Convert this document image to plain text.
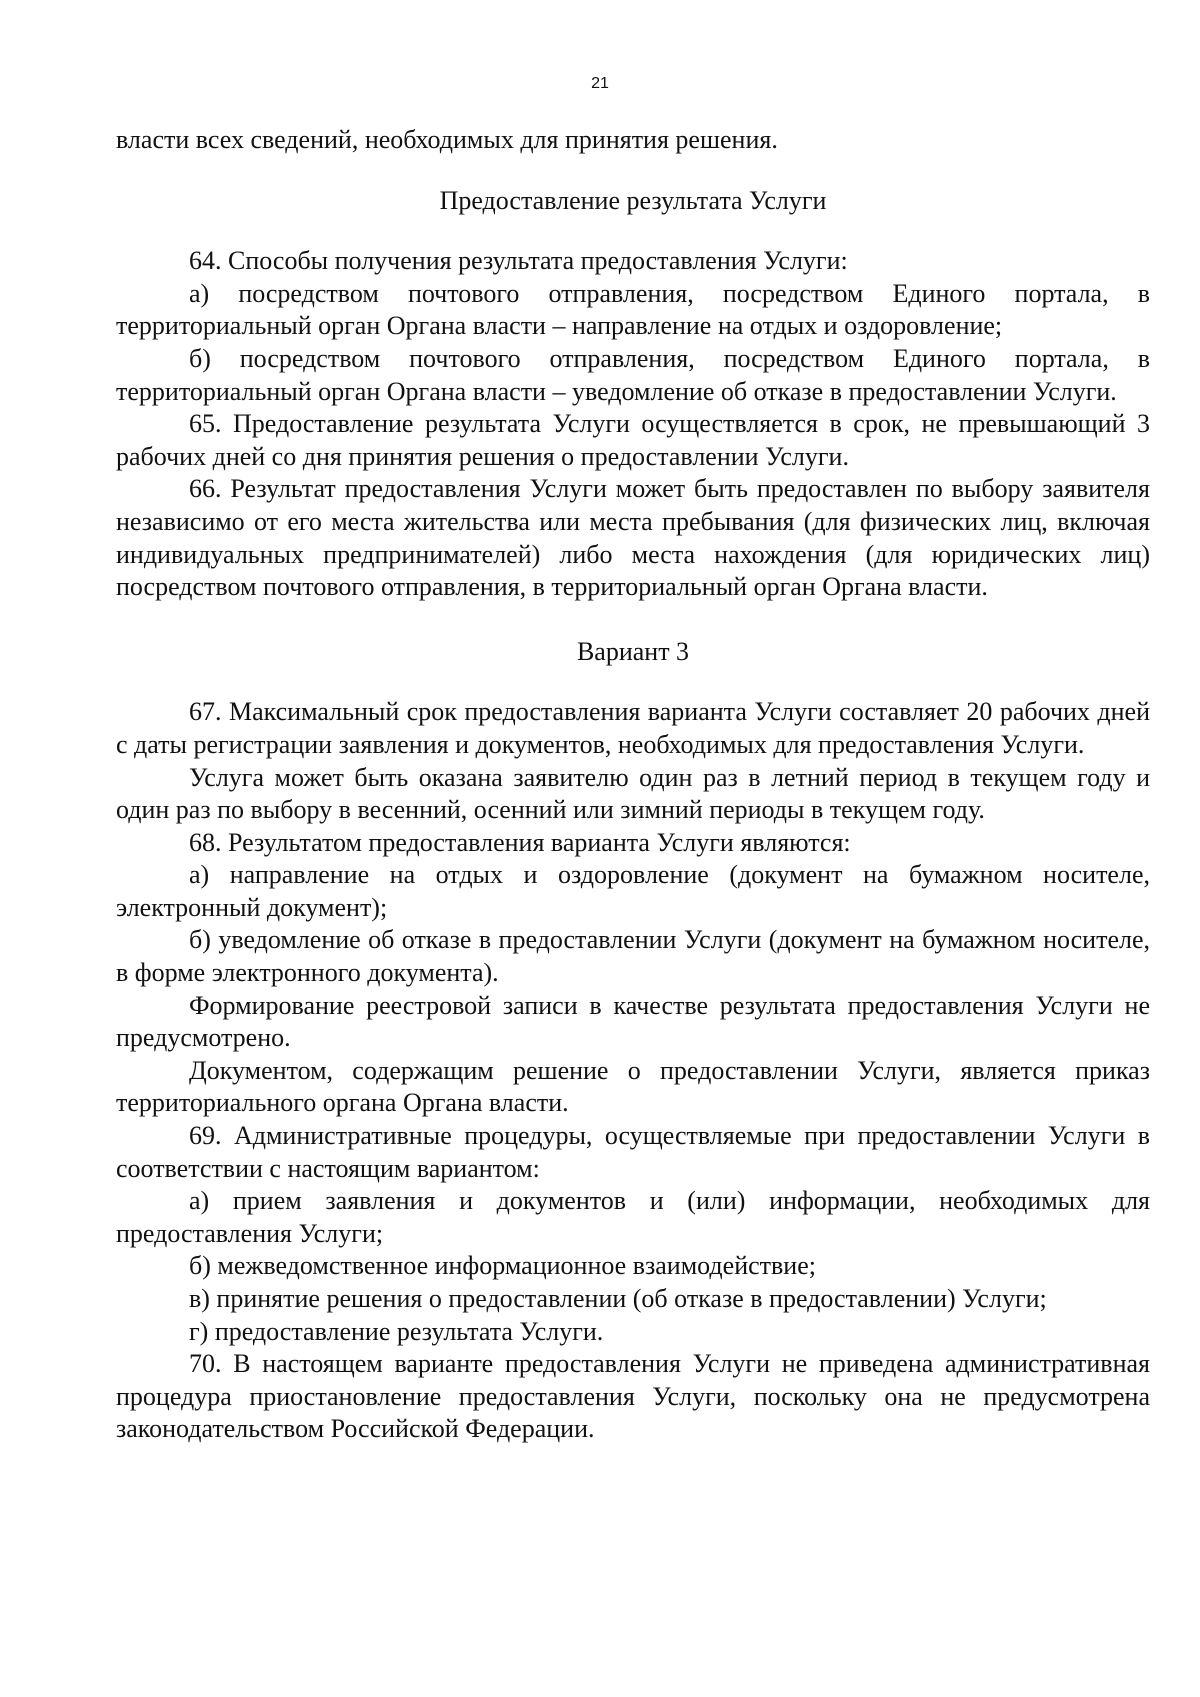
21

власти всех сведений, необходимых для принятия решения.

Предоставление результата Услуги

64. Способы получения результата предоставления Услуги:

а) посредством почтового отправления, посредством Единого портала, в территориальный орган Органа власти – направление на отдых и оздоровление;

б) посредством почтового отправления, посредством Единого портала, в территориальный орган Органа власти – уведомление об отказе в предоставлении Услуги.

65. Предоставление результата Услуги осуществляется в срок, не превышающий 3 рабочих дней со дня принятия решения о предоставлении Услуги.

66. Результат предоставления Услуги может быть предоставлен по выбору заявителя независимо от его места жительства или места пребывания (для физических лиц, включая индивидуальных предпринимателей) либо места нахождения (для юридических лиц) посредством почтового отправления, в территориальный орган Органа власти.

Вариант 3

67. Максимальный срок предоставления варианта Услуги составляет 20 рабочих дней с даты регистрации заявления и документов, необходимых для предоставления Услуги.

Услуга может быть оказана заявителю один раз в летний период в текущем году и один раз по выбору в весенний, осенний или зимний периоды в текущем году.

68. Результатом предоставления варианта Услуги являются:

а) направление на отдых и оздоровление (документ на бумажном носителе, электронный документ);

б) уведомление об отказе в предоставлении Услуги (документ на бумажном носителе, в форме электронного документа).

Формирование реестровой записи в качестве результата предоставления Услуги не предусмотрено.

Документом, содержащим решение о предоставлении Услуги, является приказ территориального органа Органа власти.

69. Административные процедуры, осуществляемые при предоставлении Услуги в соответствии с настоящим вариантом:

а) прием заявления и документов и (или) информации, необходимых для предоставления Услуги;

б) межведомственное информационное взаимодействие;

в) принятие решения о предоставлении (об отказе в предоставлении) Услуги;

г) предоставление результата Услуги.

70. В настоящем варианте предоставления Услуги не приведена административная процедура приостановление предоставления Услуги, поскольку она не предусмотрена законодательством Российской Федерации.
